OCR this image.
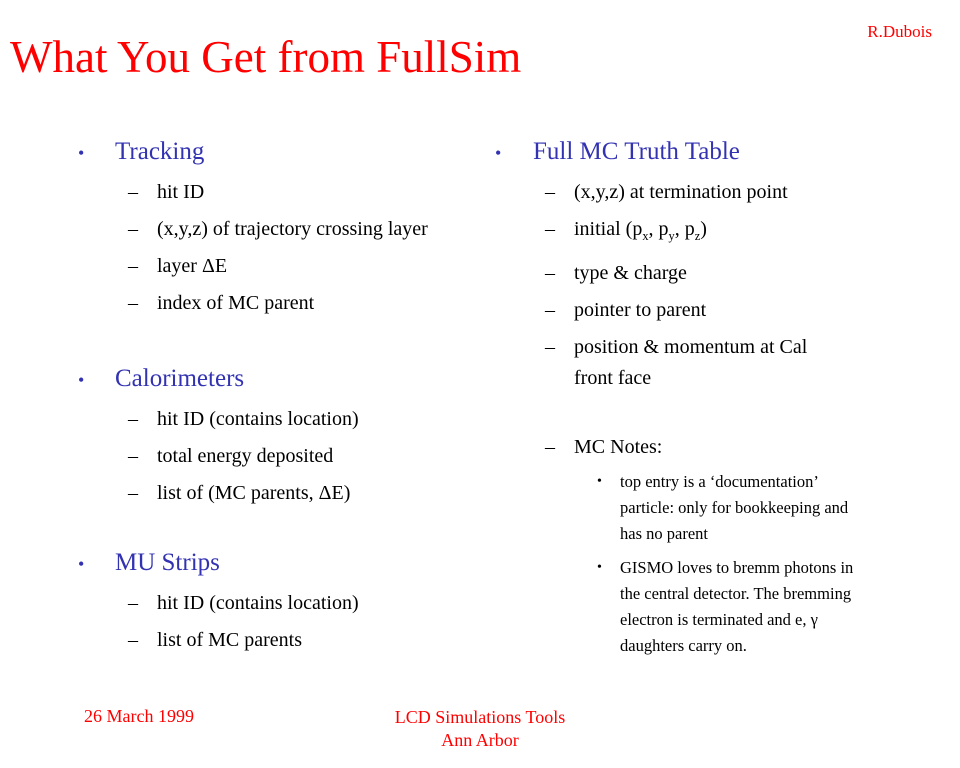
What You Get from FullSim
R.Dubois
•	Tracking
– hit ID
– (x,y,z) of trajectory crossing layer
– layer ΔE
– index of MC parent
•	Calorimeters
– hit ID (contains location)
– total energy deposited
– list of (MC parents, ΔE)
•	MU Strips
– hit ID (contains location)
– list of MC parents
•	Full MC Truth Table
– (x,y,z) at termination point
– initial ($p_x$, $p_y$, $p_z$)
– type & charge
– pointer to parent
– position & momentum at Cal front face
– MC Notes:
•	top entry is a ‘documentation’ particle: only for bookkeeping and has no parent
•	GISMO loves to bremm photons in the central detector. The bremming electron is terminated and e, γ daughters carry on.
26 March 1999	LCD Simulations Tools
Ann Arbor
